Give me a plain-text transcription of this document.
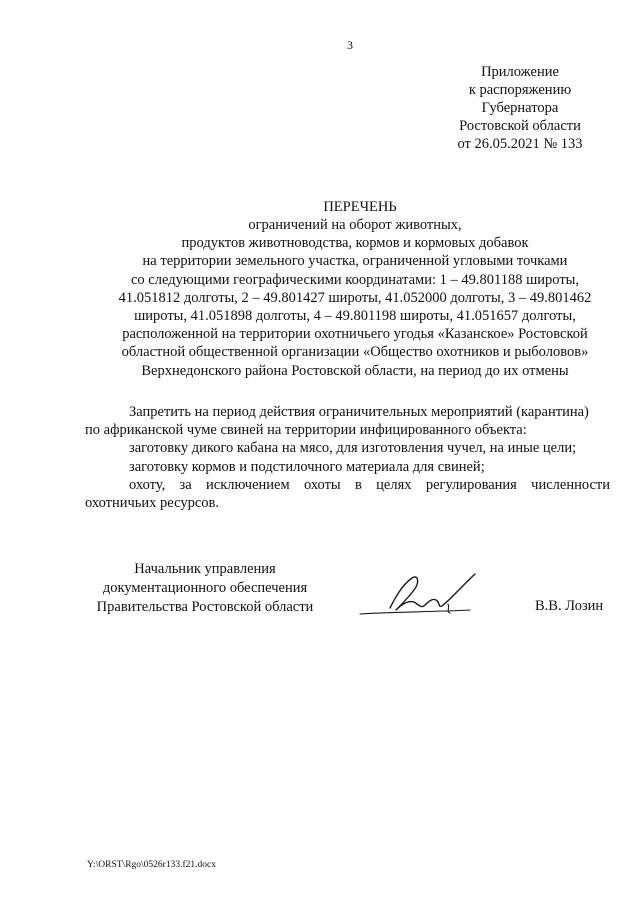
3
Приложение
к распоряжению
Губернатора
Ростовской области
от 26.05.2021 № 133
ПЕРЕЧЕНЬ
ограничений на оборот животных,
продуктов животноводства, кормов и кормовых добавок
на территории земельного участка, ограниченной угловыми точками
со следующими географическими координатами: 1 – 49.801188 широты,
41.051812 долготы, 2 – 49.801427 широты, 41.052000 долготы, 3 – 49.801462
широты, 41.051898 долготы, 4 – 49.801198 широты, 41.051657 долготы,
расположенной на территории охотничьего угодья «Казанское» Ростовской
областной общественной организации «Общество охотников и рыболовов»
Верхнедонского района Ростовской области, на период до их отмены
Запретить на период действия ограничительных мероприятий (карантина)
по африканской чуме свиней на территории инфицированного объекта:
заготовку дикого кабана на мясо, для изготовления чучел, на иные цели;
заготовку кормов и подстилочного материала для свиней;
охоту, за исключением охоты в целях регулирования численности
охотничьих ресурсов.
Начальник управления
документационного обеспечения
Правительства Ростовской области	В.В. Лозин
Y:\ORST\Rgo\0526r133.f21.docx
